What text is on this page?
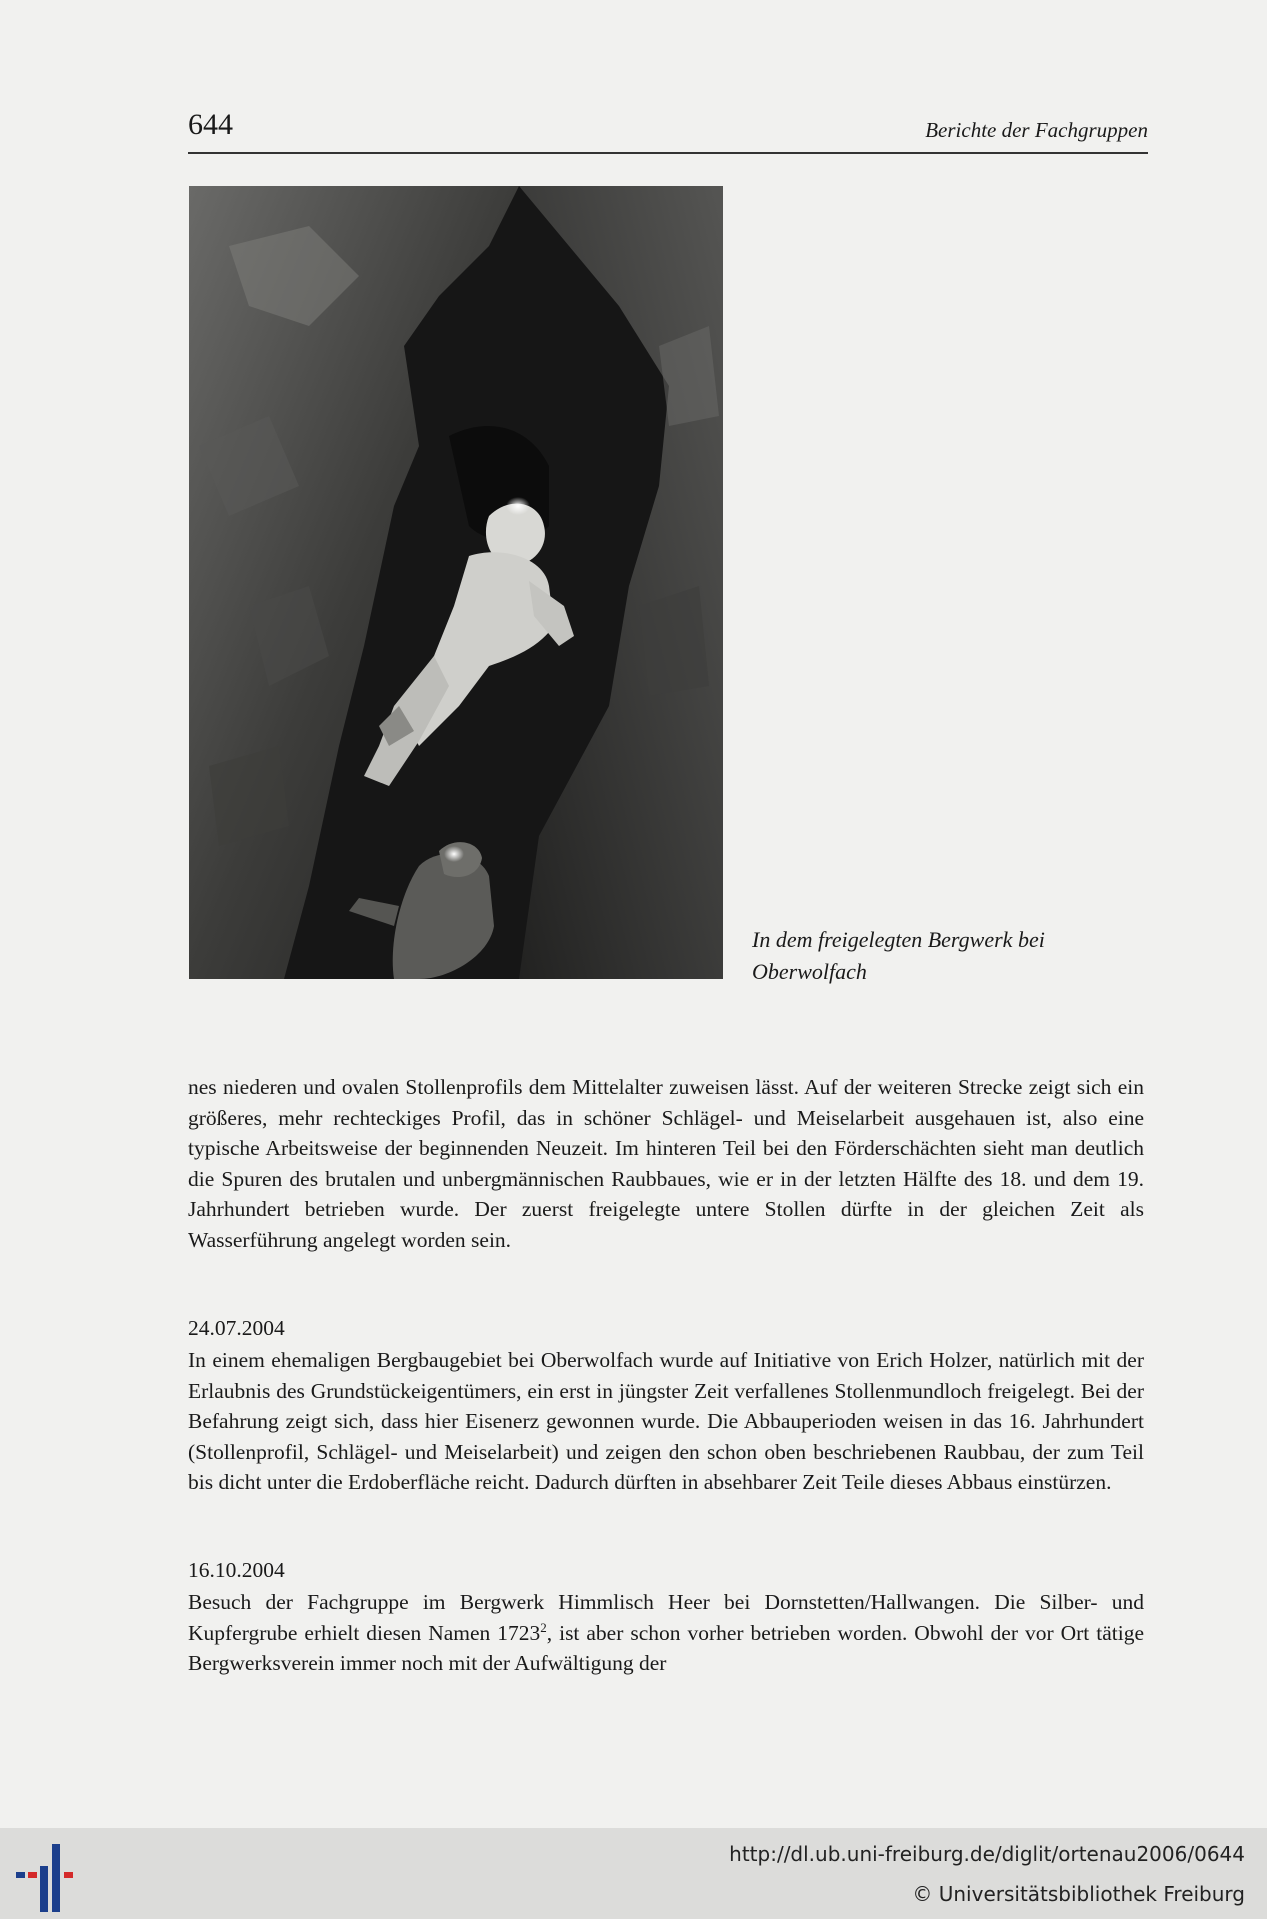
644	Berichte der Fachgruppen
In dem freigelegten Bergwerk bei Oberwolfach

nes niederen und ovalen Stollenprofils dem Mittelalter zuweisen lässt. Auf der weiteren Strecke zeigt sich ein größeres, mehr rechteckiges Profil, das in schöner Schlägel- und Meiselarbeit ausgehauen ist, also eine typische Arbeitsweise der beginnenden Neuzeit. Im hinteren Teil bei den Förderschächten sieht man deutlich die Spuren des brutalen und unbergmännischen Raubbaues, wie er in der letzten Hälfte des 18. und dem 19. Jahrhundert betrieben wurde. Der zuerst freigelegte untere Stollen dürfte in der gleichen Zeit als Wasserführung angelegt worden sein.

24.07.2004

In einem ehemaligen Bergbaugebiet bei Oberwolfach wurde auf Initiative von Erich Holzer, natürlich mit der Erlaubnis des Grundstückeigentümers, ein erst in jüngster Zeit verfallenes Stollenmundloch freigelegt. Bei der Befahrung zeigt sich, dass hier Eisenerz gewonnen wurde. Die Abbauperioden weisen in das 16. Jahrhundert (Stollenprofil, Schlägel- und Meiselarbeit) und zeigen den schon oben beschriebenen Raubbau, der zum Teil bis dicht unter die Erdoberfläche reicht. Dadurch dürften in absehbarer Zeit Teile dieses Abbaus einstürzen.

16.10.2004

Besuch der Fachgruppe im Bergwerk Himmlisch Heer bei Dornstetten/Hallwangen. Die Silber- und Kupfergrube erhielt diesen Namen 1723$^2$, ist aber schon vorher betrieben worden. Obwohl der vor Ort tätige Bergwerksverein immer noch mit der Aufwältigung der

http://dl.ub.uni-freiburg.de/diglit/ortenau2006/0644
© Universitätsbibliothek Freiburg
